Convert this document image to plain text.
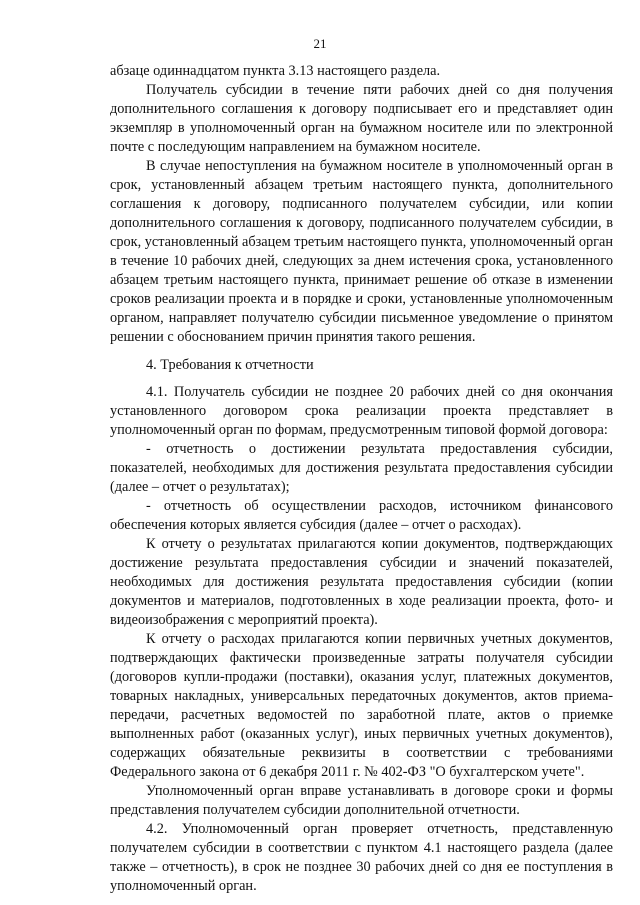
21

абзаце одиннадцатом пункта 3.13 настоящего раздела.

Получатель субсидии в течение пяти рабочих дней со дня получения дополнительного соглашения к договору подписывает его и представляет один экземпляр в уполномоченный орган на бумажном носителе или по электронной почте с последующим направлением на бумажном носителе.

В случае непоступления на бумажном носителе в уполномоченный орган в срок, установленный абзацем третьим настоящего пункта, дополнительного соглашения к договору, подписанного получателем субсидии, или копии дополнительного соглашения к договору, подписанного получателем субсидии, в срок, установленный абзацем третьим настоящего пункта, уполномоченный орган в течение 10 рабочих дней, следующих за днем истечения срока, установленного абзацем третьим настоящего пункта, принимает решение об отказе в изменении сроков реализации проекта и в порядке и сроки, установленные уполномоченным органом, направляет получателю субсидии письменное уведомление о принятом решении с обоснованием причин принятия такого решения.

4. Требования к отчетности

4.1. Получатель субсидии не позднее 20 рабочих дней со дня окончания установленного договором срока реализации проекта представляет в уполномоченный орган по формам, предусмотренным типовой формой договора:

- отчетность о достижении результата предоставления субсидии, показателей, необходимых для достижения результата предоставления субсидии (далее – отчет о результатах);

- отчетность об осуществлении расходов, источником финансового обеспечения которых является субсидия (далее – отчет о расходах).

К отчету о результатах прилагаются копии документов, подтверждающих достижение результата предоставления субсидии и значений показателей, необходимых для достижения результата предоставления субсидии (копии документов и материалов, подготовленных в ходе реализации проекта, фото- и видеоизображения с мероприятий проекта).

К отчету о расходах прилагаются копии первичных учетных документов, подтверждающих фактически произведенные затраты получателя субсидии (договоров купли-продажи (поставки), оказания услуг, платежных документов, товарных накладных, универсальных передаточных документов, актов приема-передачи, расчетных ведомостей по заработной плате, актов о приемке выполненных работ (оказанных услуг), иных первичных учетных документов), содержащих обязательные реквизиты в соответствии с требованиями Федерального закона от 6 декабря 2011 г. № 402-ФЗ "О бухгалтерском учете".

Уполномоченный орган вправе устанавливать в договоре сроки и формы представления получателем субсидии дополнительной отчетности.

4.2. Уполномоченный орган проверяет отчетность, представленную получателем субсидии в соответствии с пунктом 4.1 настоящего раздела (далее также – отчетность), в срок не позднее 30 рабочих дней со дня ее поступления в уполномоченный орган.
